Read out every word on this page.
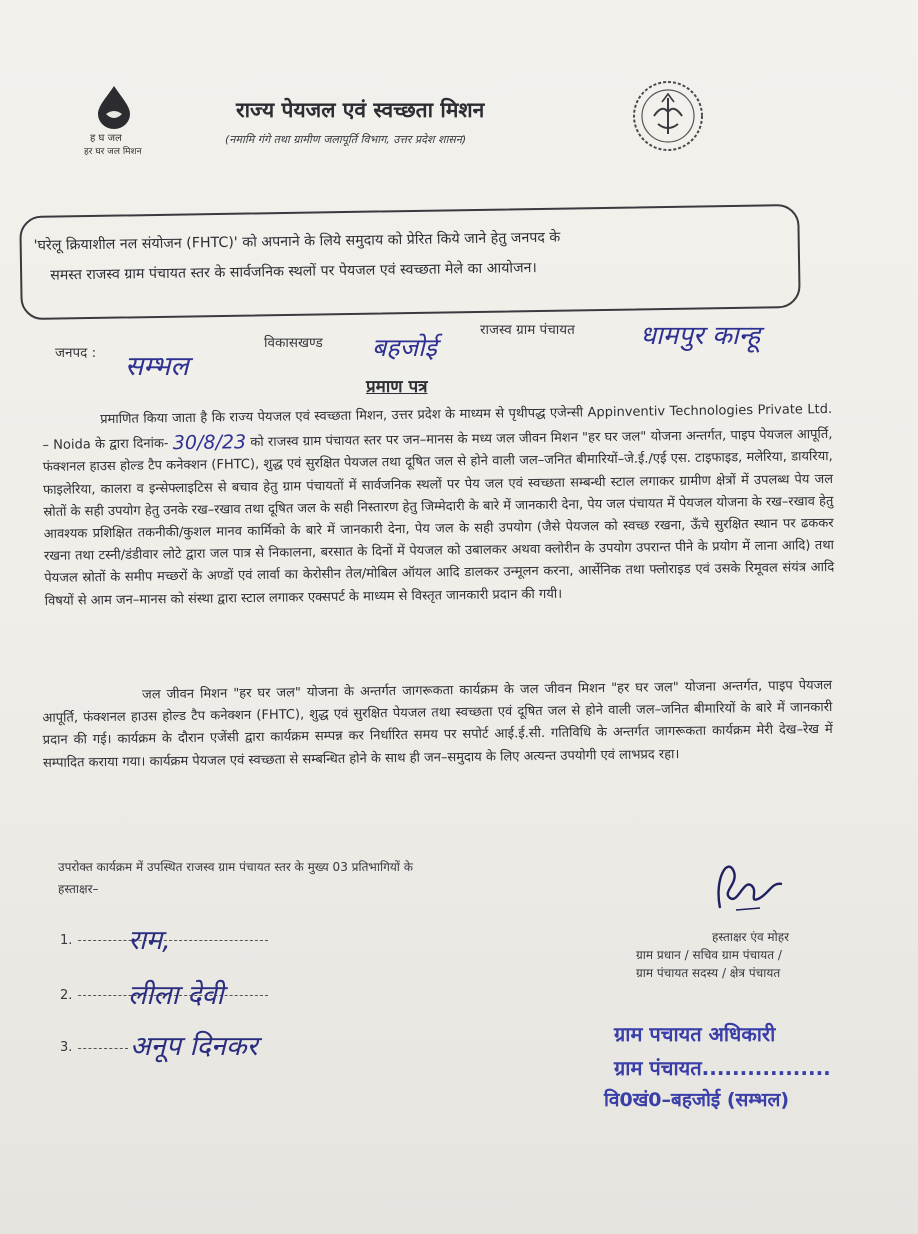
ह घ जल
हर घर जल मिशन
राज्य पेयजल एवं स्वच्छता मिशन
(नमामि गंगे तथा ग्रामीण जलापूर्ति विभाग, उत्तर प्रदेश शासन)
'घरेलू क्रियाशील नल संयोजन (FHTC)' को अपनाने के लिये समुदाय को प्रेरित किये जाने हेतु जनपद के
समस्त राजस्व ग्राम पंचायत स्तर के सार्वजनिक स्थलों पर पेयजल एवं स्वच्छता मेले का आयोजन।
जनपद : सम्भल
विकासखण्ड बहजोई
राजस्व ग्राम पंचायत	धामपुर कान्हू
प्रमाण पत्र
प्रमाणित किया जाता है कि राज्य पेयजल एवं स्वच्छता मिशन, उत्तर प्रदेश के माध्यम से पृथीपद्ध एजेन्सी Appinventiv Technologies Private Ltd. – Noida के द्वारा दिनांक- 30/8/23 को राजस्व ग्राम पंचायत स्तर पर जन–मानस के मध्य जल जीवन मिशन "हर घर जल" योजना अन्तर्गत, पाइप पेयजल आपूर्ति, फंक्शनल हाउस होल्ड टैप कनेक्शन (FHTC), शुद्ध एवं सुरक्षित पेयजल तथा दूषित जल से होने वाली जल–जनित बीमारियों–जे.ई./एई एस. टाइफाइड, मलेरिया, डायरिया, फाइलेरिया, कालरा व इन्सेफ्लाइटिस से बचाव हेतु ग्राम पंचायतों में सार्वजनिक स्थलों पर पेय जल एवं स्वच्छता सम्बन्धी स्टाल लगाकर ग्रामीण क्षेत्रों में उपलब्ध पेय जल स्रोतों के सही उपयोग हेतु उनके रख–रखाव तथा दूषित जल के सही निस्तारण हेतु जिम्मेदारी के बारे में जानकारी देना, पेय जल पंचायत में पेयजल योजना के रख–रखाव हेतु आवश्यक प्रशिक्षित तकनीकी/कुशल मानव कार्मिको के बारे में जानकारी देना, पेय जल के सही उपयोग (जैसे पेयजल को स्वच्छ रखना, ऊँचे सुरक्षित स्थान पर ढककर रखना तथा टस्नी/डंडीवार लोटे द्वारा जल पात्र से निकालना, बरसात के दिनों में पेयजल को उबालकर अथवा क्लोरीन के उपयोग उपरान्त पीने के प्रयोग में लाना आदि) तथा पेयजल स्रोतों के समीप मच्छरों के अण्डों एवं लार्वा का केरोसीन तेल/मोबिल ऑयल आदि डालकर उन्मूलन करना, आर्सेनिक तथा फ्लोराइड एवं उसके रिमूवल संयंत्र आदि विषयों से आम जन–मानस को संस्था द्वारा स्टाल लगाकर एक्सपर्ट के माध्यम से विस्तृत जानकारी प्रदान की गयी।
जल जीवन मिशन "हर घर जल" योजना के अन्तर्गत जागरूकता कार्यक्रम के जल जीवन मिशन "हर घर जल" योजना अन्तर्गत, पाइप पेयजल आपूर्ति, फंक्शनल हाउस होल्ड टैप कनेक्शन (FHTC), शुद्ध एवं सुरक्षित पेयजल तथा स्वच्छता एवं दूषित जल से होने वाली जल–जनित बीमारियों के बारे में जानकारी प्रदान की गई। कार्यक्रम के दौरान एजेंसी द्वारा कार्यक्रम सम्पन्न कर निर्धारित समय पर सपोर्ट आई.ई.सी. गतिविधि के अन्तर्गत जागरूकता कार्यक्रम मेरी देख–रेख में सम्पादित कराया गया। कार्यक्रम पेयजल एवं स्वच्छता से सम्बन्धित होने के साथ ही जन–समुदाय के लिए अत्यन्त उपयोगी एवं लाभप्रद रहा।
उपरोक्त कार्यक्रम में उपस्थित राजस्व ग्राम पंचायत स्तर के मुख्य 03 प्रतिभागियों के
हस्ताक्षर–
1. राम,
2. लीला देवी
3. अनूप दिनकर
हस्ताक्षर एंव मोहर
ग्राम प्रधान / सचिव ग्राम पंचायत /
ग्राम पंचायत सदस्य / क्षेत्र पंचायत
ग्राम पचायत अधिकारी
ग्राम पंचायत.................
वि0खं0–बहजोई (सम्भल)
